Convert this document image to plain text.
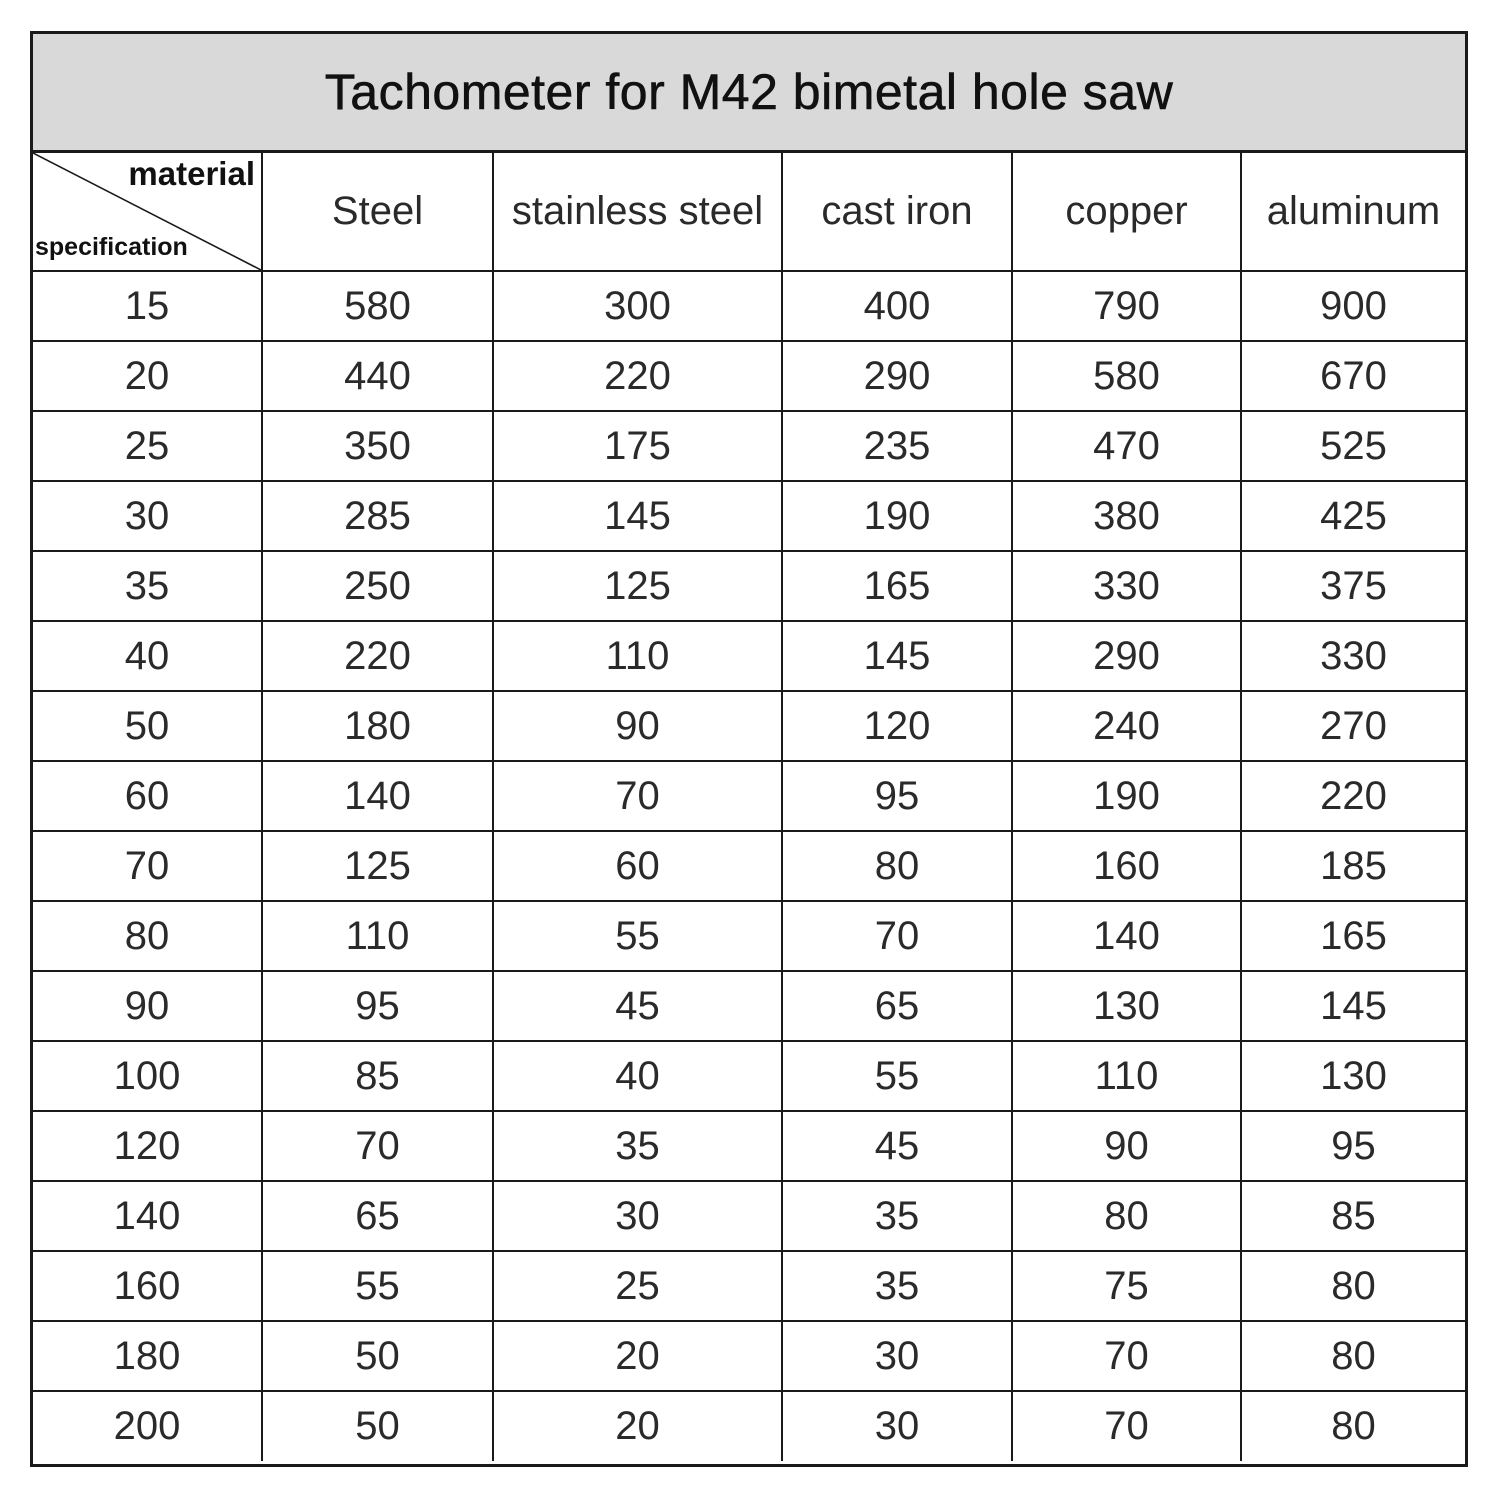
Tachometer for M42 bimetal hole saw
material
specification	Steel	stainless steel	cast iron	copper	aluminum
15	580	300	400	790	900
20	440	220	290	580	670
25	350	175	235	470	525
30	285	145	190	380	425
35	250	125	165	330	375
40	220	110	145	290	330
50	180	90	120	240	270
60	140	70	95	190	220
70	125	60	80	160	185
80	110	55	70	140	165
90	95	45	65	130	145
100	85	40	55	110	130
120	70	35	45	90	95
140	65	30	35	80	85
160	55	25	35	75	80
180	50	20	30	70	80
200	50	20	30	70	80
